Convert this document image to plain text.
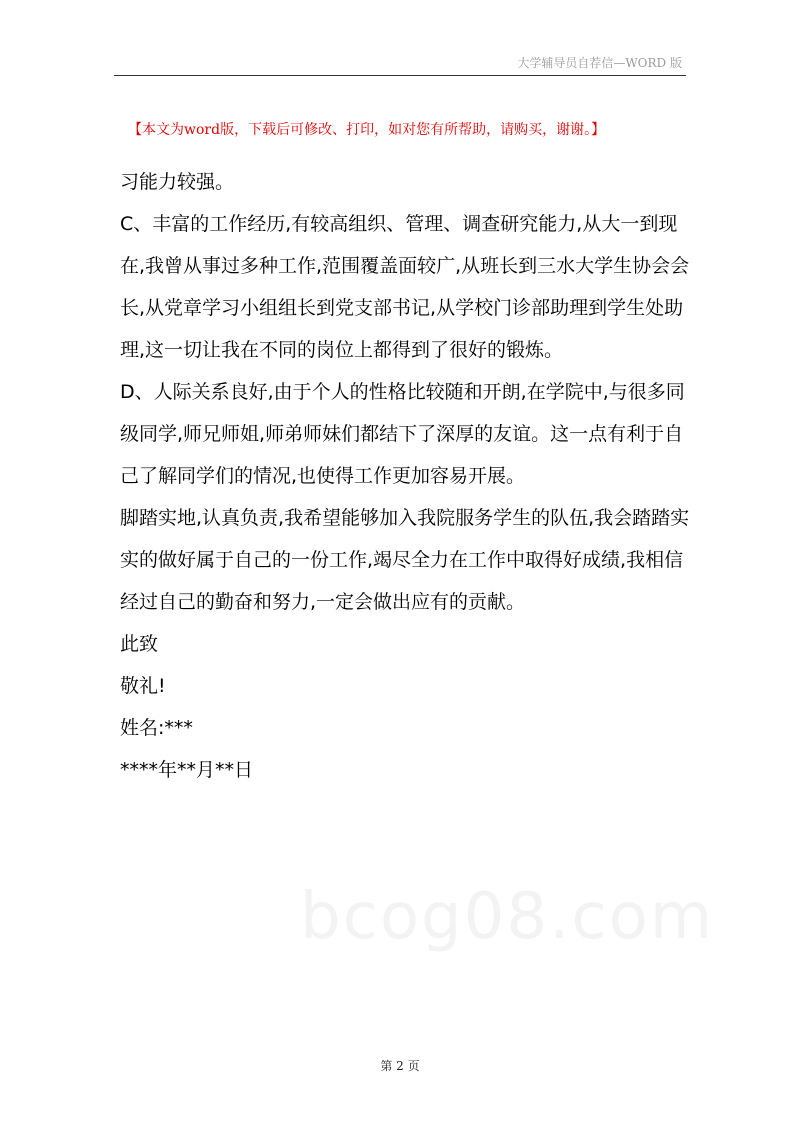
大学辅导员自荐信—WORD 版
【本文为word版，下载后可修改、打印，如对您有所帮助，请购买，谢谢。】

习能力较强。

C、丰富的工作经历,有较高组织、管理、调查研究能力,从大一到现在,我曾从事过多种工作,范围覆盖面较广,从班长到三水大学生协会会长,从党章学习小组组长到党支部书记,从学校门诊部助理到学生处助理,这一切让我在不同的岗位上都得到了很好的锻炼。

D、人际关系良好,由于个人的性格比较随和开朗,在学院中,与很多同级同学,师兄师姐,师弟师妹们都结下了深厚的友谊。这一点有利于自己了解同学们的情况,也使得工作更加容易开展。

脚踏实地,认真负责,我希望能够加入我院服务学生的队伍,我会踏踏实实的做好属于自己的一份工作,竭尽全力在工作中取得好成绩,我相信经过自己的勤奋和努力,一定会做出应有的贡献。

此致

敬礼!

姓名:***

****年**月**日

bcog08.com
第 2 页
